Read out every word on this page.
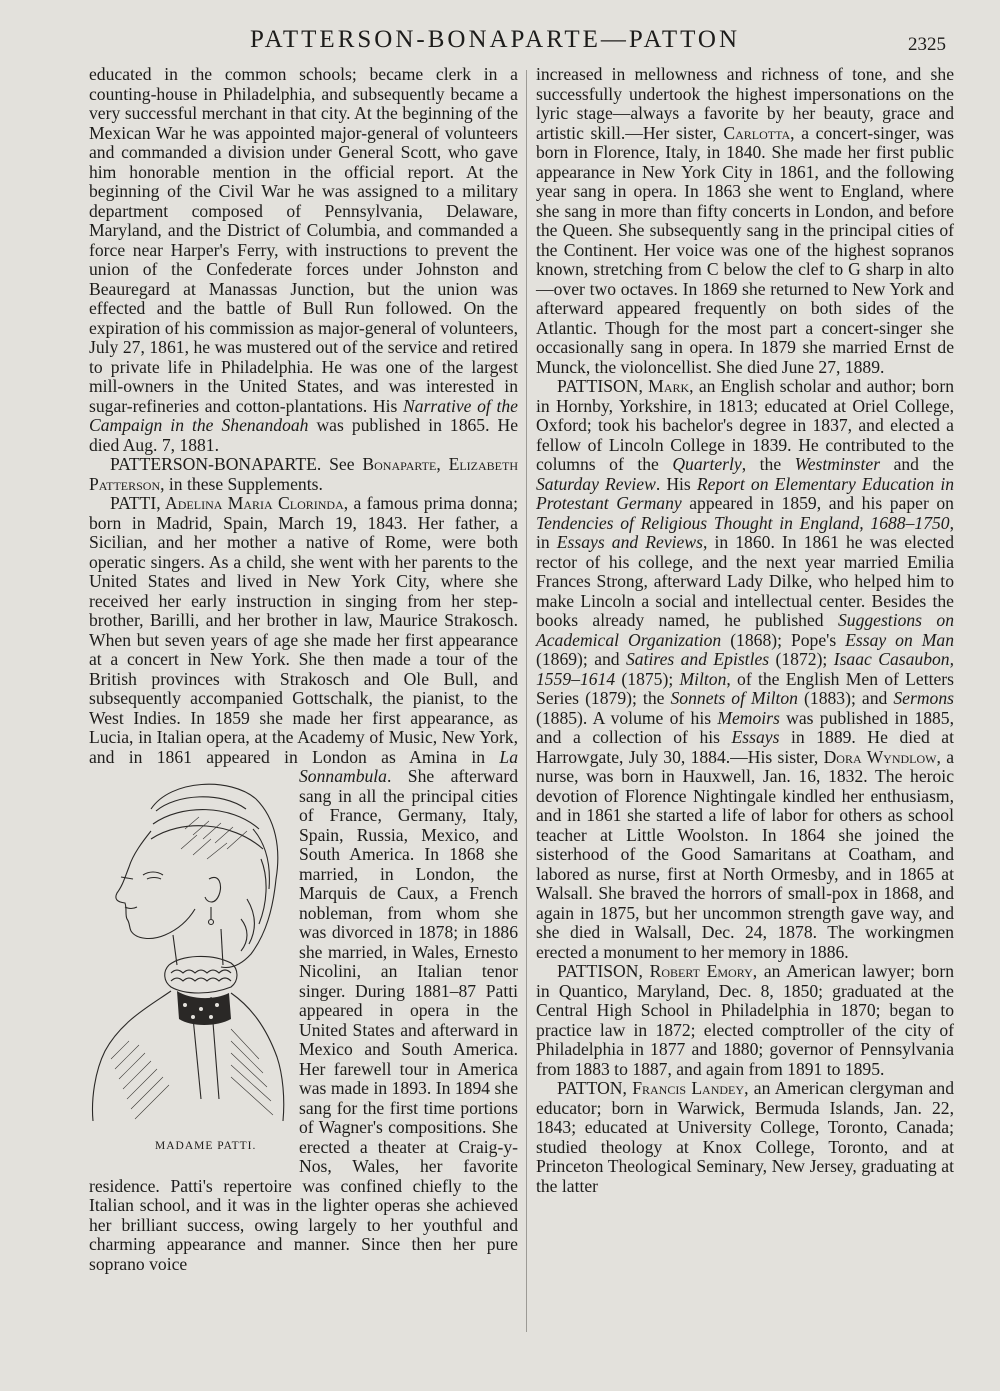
PATTERSON-BONAPARTE—PATTON	2325

educated in the common schools; became clerk in a counting-house in Philadelphia, and subsequently became a very successful merchant in that city. At the beginning of the Mexican War he was appointed major-general of volunteers and commanded a division under General Scott, who gave him honorable mention in the official report. At the beginning of the Civil War he was assigned to a military department composed of Pennsylvania, Delaware, Maryland, and the District of Columbia, and commanded a force near Harper's Ferry, with instructions to prevent the union of the Confederate forces under Johnston and Beauregard at Manassas Junction, but the union was effected and the battle of Bull Run followed. On the expiration of his commission as major-general of volunteers, July 27, 1861, he was mustered out of the service and retired to private life in Philadelphia. He was one of the largest mill-owners in the United States, and was interested in sugar-refineries and cotton-plantations. His Narrative of the Campaign in the Shenandoah was published in 1865. He died Aug. 7, 1881.

PATTERSON-BONAPARTE. See Bonaparte, Elizabeth Patterson, in these Supplements.

PATTI, Adelina Maria Clorinda, a famous prima donna; born in Madrid, Spain, March 19, 1843. Her father, a Sicilian, and her mother a native of Rome, were both operatic singers. As a child, she went with her parents to the United States and lived in New York City, where she received her early instruction in singing from her step-brother, Barilli, and her brother in law, Maurice Strakosch. When but seven years of age she made her first appearance at a concert in New York. She then made a tour of the British provinces with Strakosch and Ole Bull, and subsequently accompanied Gottschalk, the pianist, to the West Indies. In 1859 she made her first appearance, as Lucia, in Italian opera, at the Academy of Music, New York, and in 1861 appeared in London as Amina in
MADAME PATTI.
La Sonnambula. She afterward sang in all the principal cities of France, Germany, Italy, Spain, Russia, Mexico, and South America. In 1868 she married, in London, the Marquis de Caux, a French nobleman, from whom she was divorced in 1878; in 1886 she married, in Wales, Ernesto Nicolini, an Italian tenor singer. During 1881–87 Patti appeared in opera in the United States and afterward in Mexico and South America. Her farewell tour in America was made in 1893. In 1894 she sang for the first time portions of Wagner's compositions. She erected a theater at Craig-y-Nos, Wales, her favorite residence. Patti's repertoire was confined chiefly to the Italian school, and it was in the lighter operas she achieved her brilliant success, owing largely to her youthful and charming appearance and manner. Since then her pure soprano voice

increased in mellowness and richness of tone, and she successfully undertook the highest impersonations on the lyric stage—always a favorite by her beauty, grace and artistic skill.—Her sister, Carlotta, a concert-singer, was born in Florence, Italy, in 1840. She made her first public appearance in New York City in 1861, and the following year sang in opera. In 1863 she went to England, where she sang in more than fifty concerts in London, and before the Queen. She subsequently sang in the principal cities of the Continent. Her voice was one of the highest sopranos known, stretching from C below the clef to G sharp in alto—over two octaves. In 1869 she returned to New York and afterward appeared frequently on both sides of the Atlantic. Though for the most part a concert-singer she occasionally sang in opera. In 1879 she married Ernst de Munck, the violoncellist. She died June 27, 1889.

PATTISON, Mark, an English scholar and author; born in Hornby, Yorkshire, in 1813; educated at Oriel College, Oxford; took his bachelor's degree in 1837, and elected a fellow of Lincoln College in 1839. He contributed to the columns of the Quarterly, the Westminster and the Saturday Review. His Report on Elementary Education in Protestant Germany appeared in 1859, and his paper on Tendencies of Religious Thought in England, 1688–1750, in Essays and Reviews, in 1860. In 1861 he was elected rector of his college, and the next year married Emilia Frances Strong, afterward Lady Dilke, who helped him to make Lincoln a social and intellectual center. Besides the books already named, he published Suggestions on Academical Organization (1868); Pope's Essay on Man (1869); and Satires and Epistles (1872); Isaac Casaubon, 1559–1614 (1875); Milton, of the English Men of Letters Series (1879); the Sonnets of Milton (1883); and Sermons (1885). A volume of his Memoirs was published in 1885, and a collection of his Essays in 1889. He died at Harrowgate, July 30, 1884.—His sister, Dora Wyndlow, a nurse, was born in Hauxwell, Jan. 16, 1832. The heroic devotion of Florence Nightingale kindled her enthusiasm, and in 1861 she started a life of labor for others as school teacher at Little Woolston. In 1864 she joined the sisterhood of the Good Samaritans at Coatham, and labored as nurse, first at North Ormesby, and in 1865 at Walsall. She braved the horrors of small-pox in 1868, and again in 1875, but her uncommon strength gave way, and she died in Walsall, Dec. 24, 1878. The workingmen erected a monument to her memory in 1886.

PATTISON, Robert Emory, an American lawyer; born in Quantico, Maryland, Dec. 8, 1850; graduated at the Central High School in Philadelphia in 1870; began to practice law in 1872; elected comptroller of the city of Philadelphia in 1877 and 1880; governor of Pennsylvania from 1883 to 1887, and again from 1891 to 1895.

PATTON, Francis Landey, an American clergyman and educator; born in Warwick, Bermuda Islands, Jan. 22, 1843; educated at University College, Toronto, Canada; studied theology at Knox College, Toronto, and at Princeton Theological Seminary, New Jersey, graduating at the latter
